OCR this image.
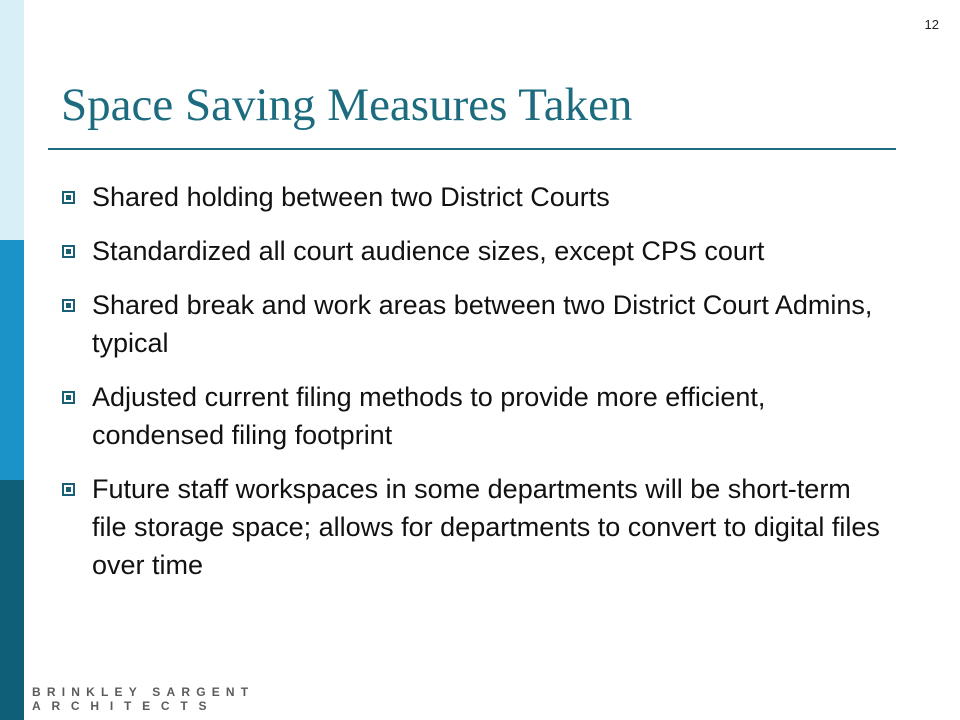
12
Space Saving Measures Taken
Shared holding between two District Courts
Standardized all court audience sizes, except CPS court
Shared break and work areas between two District Court Admins, typical
Adjusted current filing methods to provide more efficient, condensed filing footprint
Future staff workspaces in some departments will be short-term file storage space; allows for departments to convert to digital files over time
BRINKLEY SARGENT
ARCHITECTS
